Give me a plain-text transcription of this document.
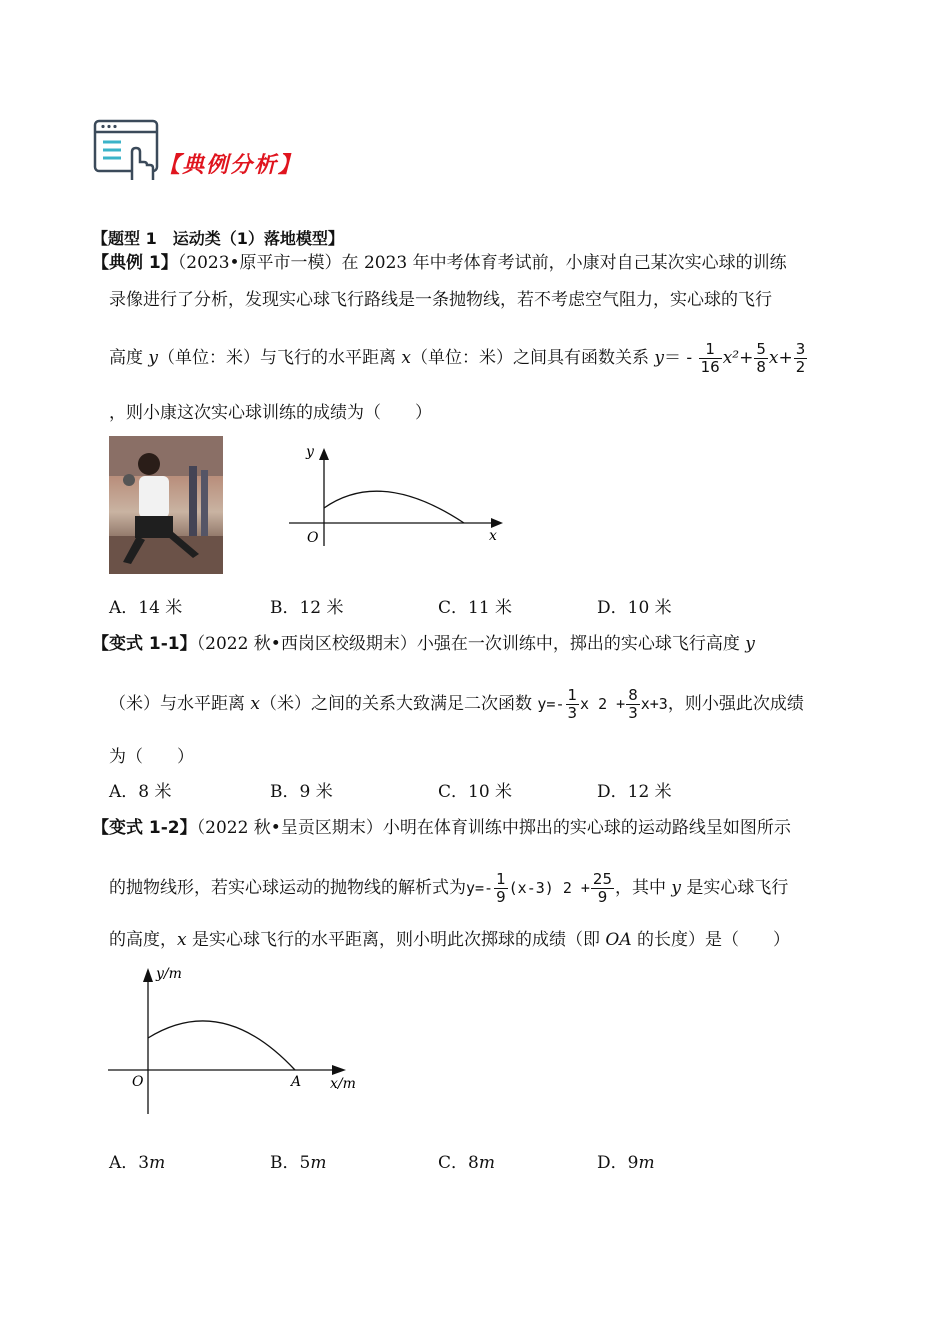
【典例分析】
【题型 1　运动类（1）落地模型】
【典例 1】（2023•原平市一模）在 2023 年中考体育考试前，小康对自己某次实心球的训练
录像进行了分析，发现实心球飞行路线是一条抛物线，若不考虑空气阻力，实心球的飞行
高度 y（单位：米）与飞行的水平距离 x（单位：米）之间具有函数关系 $y= - \frac{1}{16} x^2+ \frac{5}{8} x+ \frac{3}{2}$
，则小康这次实心球训练的成绩为（　　）
y
x
O
A．14 米	B．12 米	C．11 米	D．10 米
【变式 1-1】（2022 秋•西岗区校级期末）小强在一次训练中，掷出的实心球飞行高度 y
（米）与水平距离 x（米）之间的关系大致满足二次函数 $y=- \frac{1}{3}$ x $2 + \frac{8}{3} x+3$，则小强此次成绩
为（　　）
A．8 米	B．9 米	C．10 米	D．12 米
【变式 1-2】（2022 秋•呈贡区期末）小明在体育训练中掷出的实心球的运动路线呈如图所示
的抛物线形，若实心球运动的抛物线的解析式为$y=- \frac{1}{9} (x-3) 2 + \frac{25}{9}$ ，其中 y 是实心球飞行
的高度，x 是实心球飞行的水平距离，则小明此次掷球的成绩（即 OA 的长度）是（　　）
y/m
x/m
O	A
A．3m	B．5m	C．8m	D．9m
